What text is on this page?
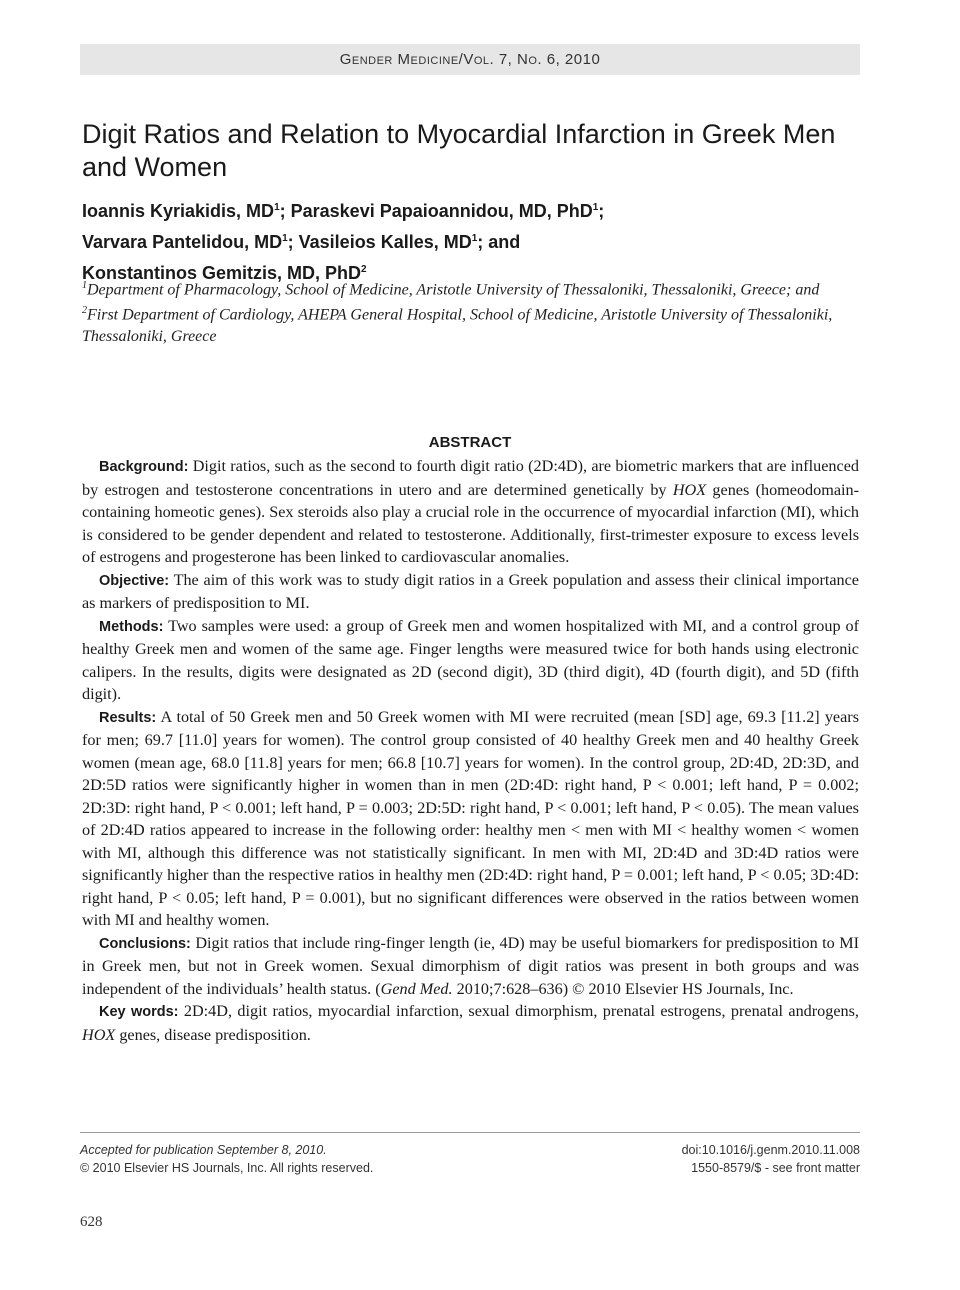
Gender Medicine/Vol. 7, No. 6, 2010
Digit Ratios and Relation to Myocardial Infarction in Greek Men and Women
Ioannis Kyriakidis, $MD^1$; Paraskevi Papaioannidou, MD, PhD$^1$;
Varvara Pantelidou, $MD^1$; Vasileios Kalles, $MD^1$; and
Konstantinos Gemitzis, MD, PhD$^2$
$^1$Department of Pharmacology, School of Medicine, Aristotle University of Thessaloniki, Thessaloniki, Greece; and $^2$First Department of Cardiology, AHEPA General Hospital, School of Medicine, Aristotle University of Thessaloniki, Thessaloniki, Greece
ABSTRACT

Background: Digit ratios, such as the second to fourth digit ratio (2D:4D), are biometric markers that are influenced by estrogen and testosterone concentrations in utero and are determined genetically by HOX genes (homeodomain-containing homeotic genes). Sex steroids also play a crucial role in the occurrence of myocardial infarction (MI), which is considered to be gender dependent and related to testosterone. Additionally, first-trimester exposure to excess levels of estrogens and progesterone has been linked to cardiovascular anomalies.

Objective: The aim of this work was to study digit ratios in a Greek population and assess their clinical importance as markers of predisposition to MI.

Methods: Two samples were used: a group of Greek men and women hospitalized with MI, and a control group of healthy Greek men and women of the same age. Finger lengths were measured twice for both hands using electronic calipers. In the results, digits were designated as 2D (second digit), 3D (third digit), 4D (fourth digit), and 5D (fifth digit).

Results: A total of 50 Greek men and 50 Greek women with MI were recruited (mean [SD] age, 69.3 [11.2] years for men; 69.7 [11.0] years for women). The control group consisted of 40 healthy Greek men and 40 healthy Greek women (mean age, 68.0 [11.8] years for men; 66.8 [10.7] years for women). In the control group, 2D:4D, 2D:3D, and 2D:5D ratios were significantly higher in women than in men (2D:4D: right hand, P < 0.001; left hand, P = 0.002; 2D:3D: right hand, P < 0.001; left hand, P = 0.003; 2D:5D: right hand, P < 0.001; left hand, P < 0.05). The mean values of 2D:4D ratios appeared to increase in the following order: healthy men < men with MI < healthy women < women with MI, although this difference was not statistically significant. In men with MI, 2D:4D and 3D:4D ratios were significantly higher than the respective ratios in healthy men (2D:4D: right hand, P = 0.001; left hand, P < 0.05; 3D:4D: right hand, P < 0.05; left hand, P = 0.001), but no significant differences were observed in the ratios between women with MI and healthy women.

Conclusions: Digit ratios that include ring-finger length (ie, 4D) may be useful biomarkers for predisposition to MI in Greek men, but not in Greek women. Sexual dimorphism of digit ratios was present in both groups and was independent of the individuals’ health status. (Gend Med. 2010;7:628–636) © 2010 Elsevier HS Journals, Inc.

Key words: 2D:4D, digit ratios, myocardial infarction, sexual dimorphism, prenatal estrogens, prenatal androgens, HOX genes, disease predisposition.

Accepted for publication September 8, 2010.
© 2010 Elsevier HS Journals, Inc. All rights reserved.
doi:10.1016/j.genm.2010.11.008
1550-8579/$ - see front matter
628
